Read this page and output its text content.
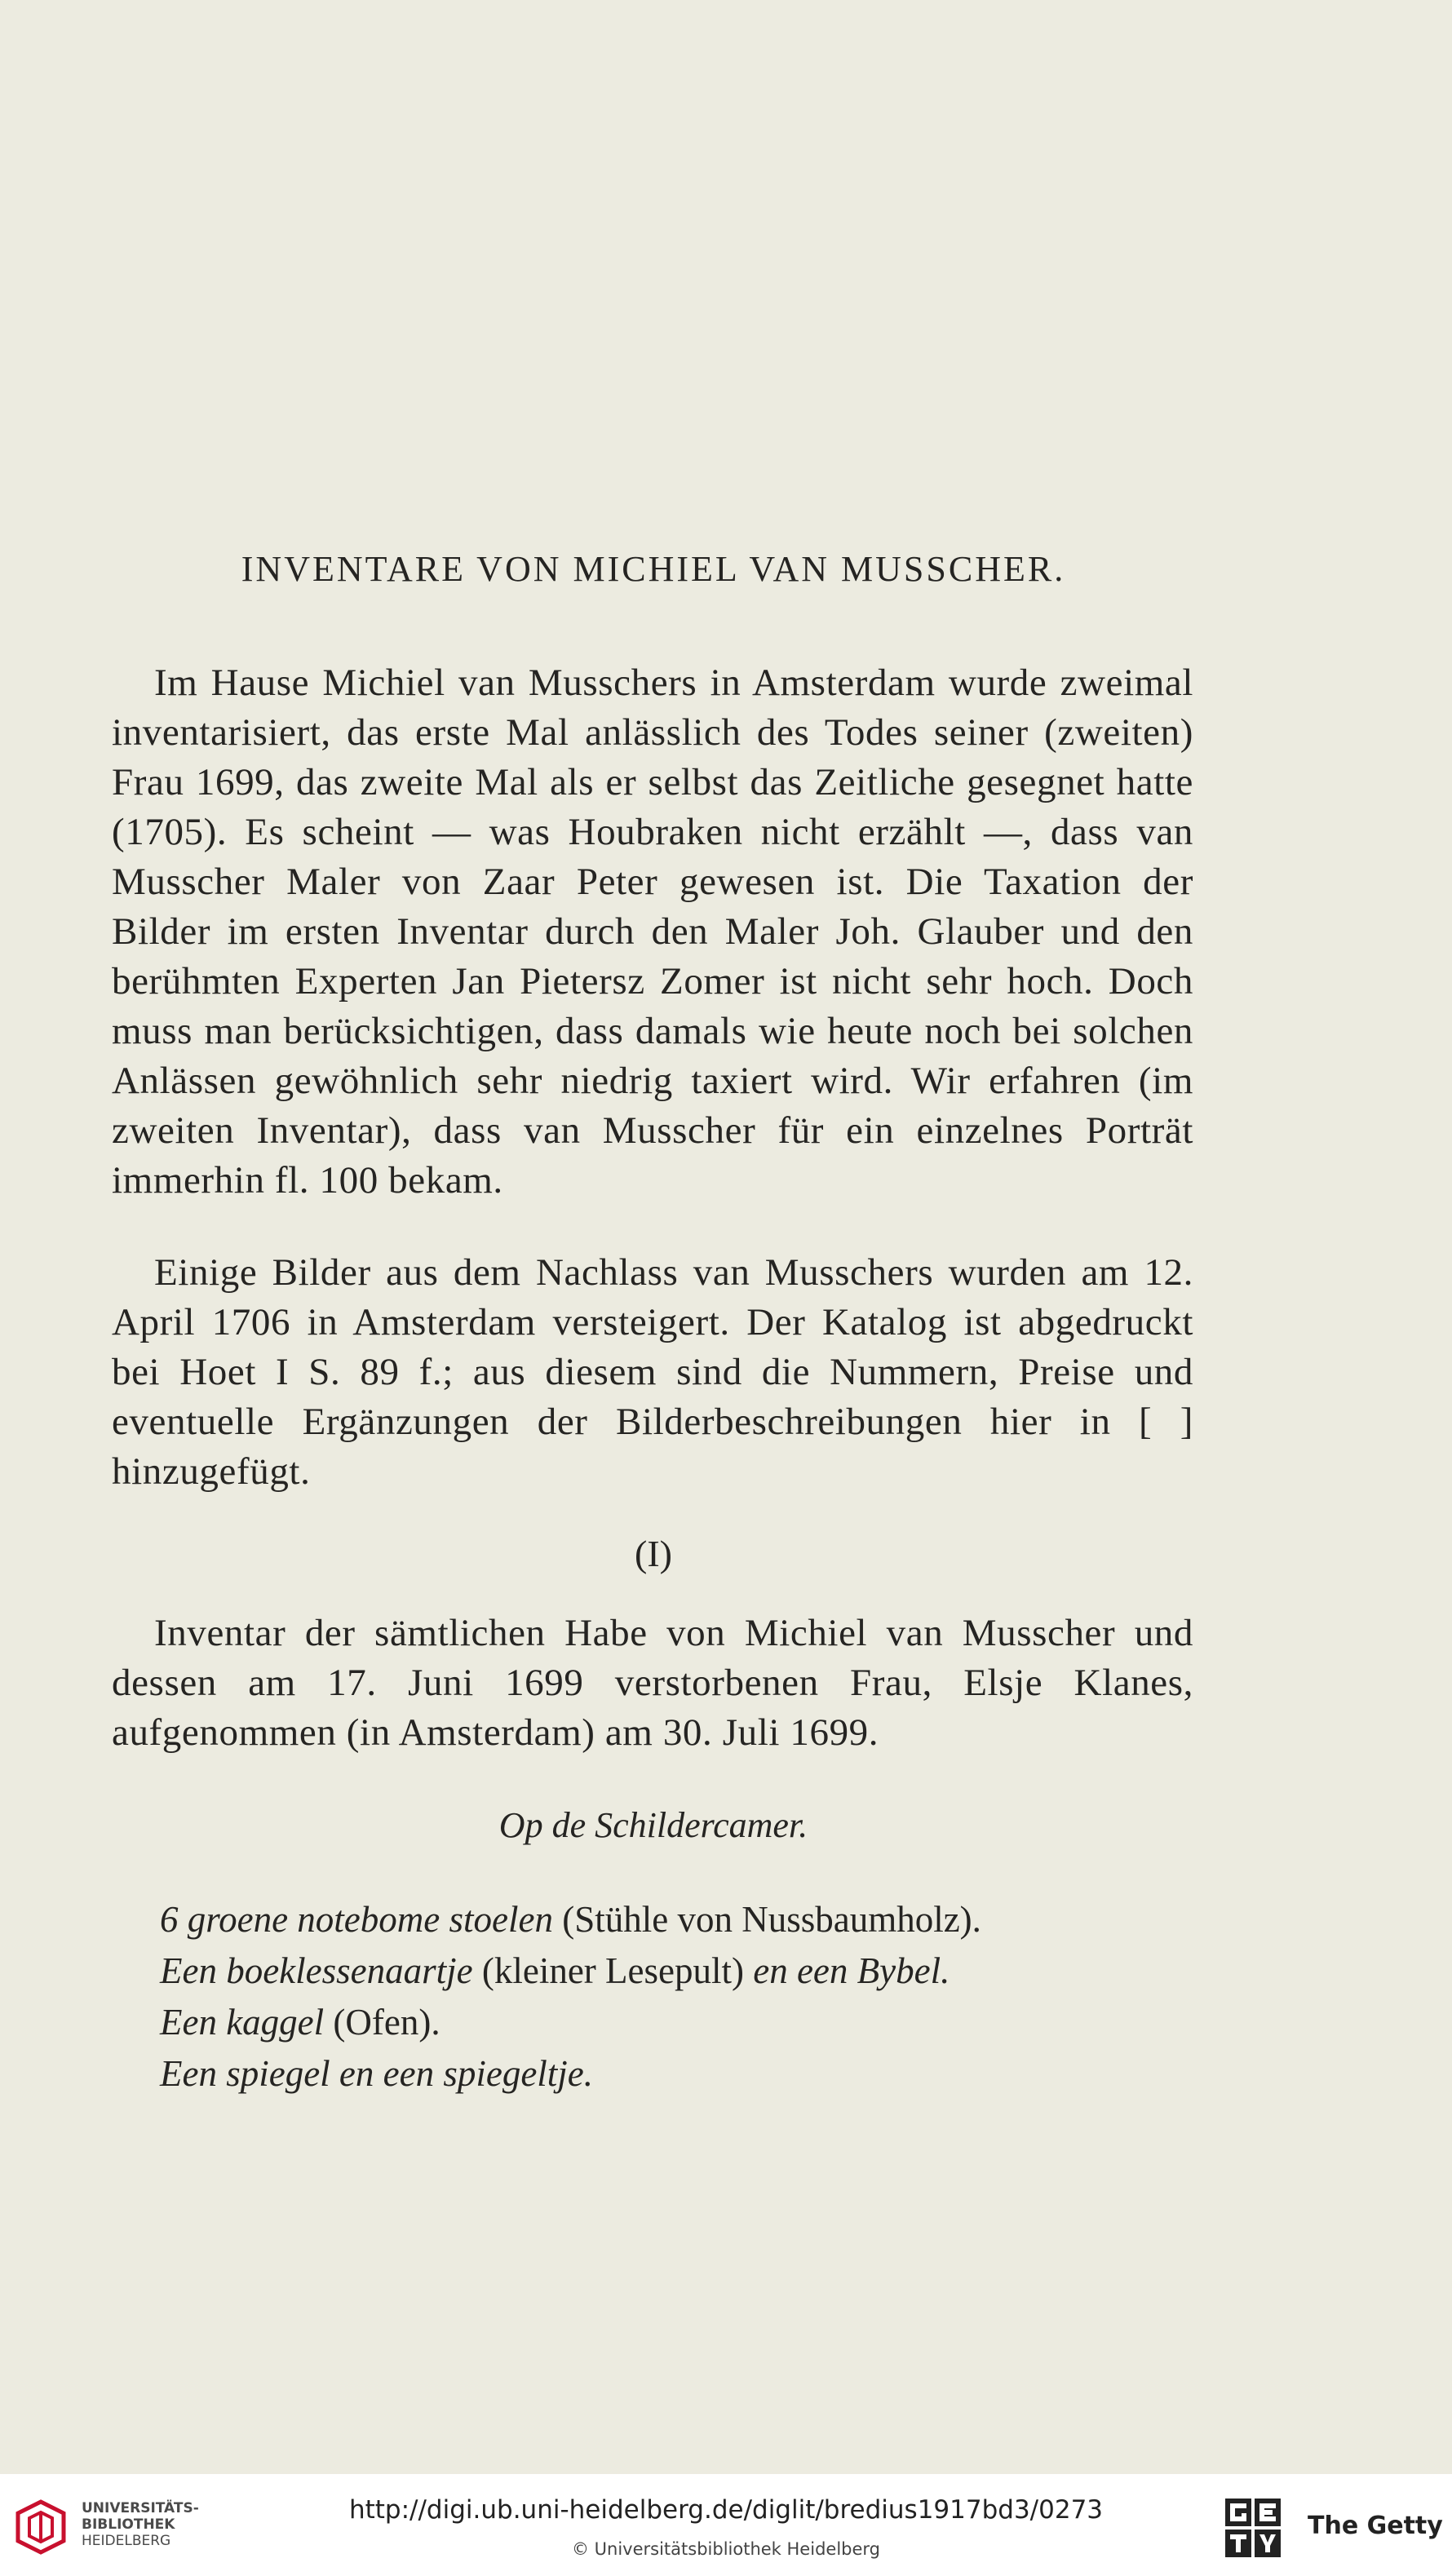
INVENTARE VON MICHIEL VAN MUSSCHER.

Im Hause Michiel van Musschers in Amsterdam wurde zweimal inventarisiert, das erste Mal anlässlich des Todes seiner (zweiten) Frau 1699, das zweite Mal als er selbst das Zeitliche gesegnet hatte (1705). Es scheint — was Houbraken nicht erzählt —, dass van Musscher Maler von Zaar Peter gewesen ist. Die Taxation der Bilder im ersten Inventar durch den Maler Joh. Glauber und den berühmten Experten Jan Pietersz Zomer ist nicht sehr hoch. Doch muss man berücksichtigen, dass damals wie heute noch bei solchen Anlässen gewöhnlich sehr niedrig taxiert wird. Wir erfahren (im zweiten Inventar), dass van Musscher für ein einzelnes Porträt immerhin fl. 100 bekam.

Einige Bilder aus dem Nachlass van Musschers wurden am 12. April 1706 in Amsterdam versteigert. Der Katalog ist abgedruckt bei Hoet I S. 89 f.; aus diesem sind die Nummern, Preise und eventuelle Ergänzungen der Bilderbeschreibungen hier in [ ] hinzugefügt.

(I)

Inventar der sämtlichen Habe von Michiel van Musscher und dessen am 17. Juni 1699 verstorbenen Frau, Elsje Klanes, aufgenommen (in Amsterdam) am 30. Juli 1699.

Op de Schildercamer.
6 groene notebome stoelen (Stühle von Nussbaumholz).
Een boeklessenaartje (kleiner Lesepult) en een Bybel.
Een kaggel (Ofen).
Een spiegel en een spiegeltje.
UNIVERSITÄTS-
BIBLIOTHEK
HEIDELBERG
http://digi.ub.uni-heidelberg.de/diglit/bredius1917bd3/0273
© Universitätsbibliothek Heidelberg
The Getty
